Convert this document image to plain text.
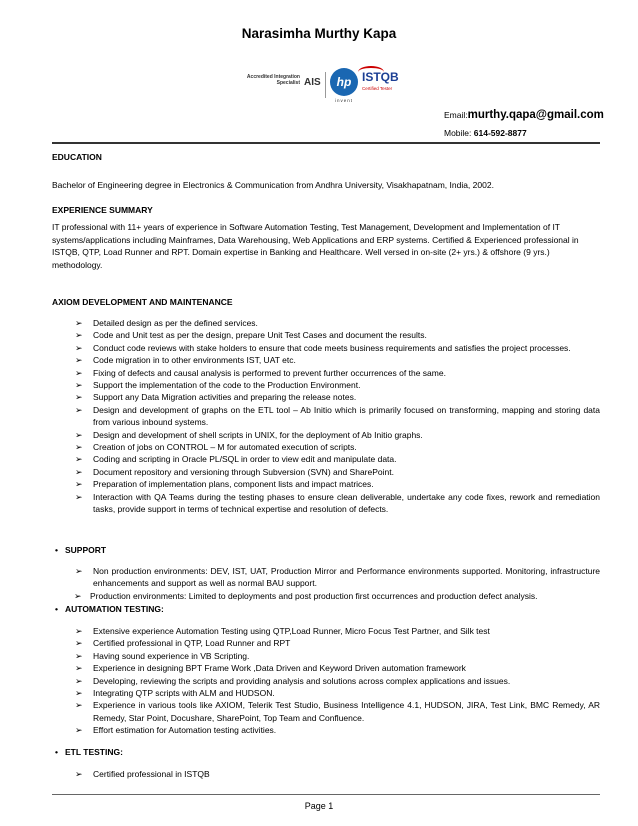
Narasimha Murthy Kapa
Accredited Integration Specialist AIS	hp
invent
ISTQB
Certified Tester
Email:murthy.qapa@gmail.com
Mobile: 614-592-8877
EDUCATION
Bachelor of Engineering degree in Electronics & Communication from Andhra University, Visakhapatnam, India, 2002.
EXPERIENCE SUMMARY
IT professional with 11+ years of experience in Software Automation Testing, Test Management, Development and Implementation of IT systems/applications including Mainframes, Data Warehousing, Web Applications and ERP systems. Certified & Experienced professional in ISTQB, QTP, Load Runner and RPT. Domain expertise in Banking and Healthcare. Well versed in on-site (2+ yrs.) & offshore (9 yrs.) methodology.
AXIOM DEVELOPMENT AND MAINTENANCE
➢ Detailed design as per the defined services.
➢ Code and Unit test as per the design, prepare Unit Test Cases and document the results.
➢ Conduct code reviews with stake holders to ensure that code meets business requirements and satisfies the project processes.
➢ Code migration in to other environments IST, UAT etc.
➢ Fixing of defects and causal analysis is performed to prevent further occurrences of the same.
➢ Support the implementation of the code to the Production Environment.
➢ Support any Data Migration activities and preparing the release notes.
➢ Design and development of graphs on the ETL tool – Ab Initio which is primarily focused on transforming, mapping and storing data from various inbound systems.
➢ Design and development of shell scripts in UNIX, for the deployment of Ab Initio graphs.
➢ Creation of jobs on CONTROL – M for automated execution of scripts.
➢ Coding and scripting in Oracle PL/SQL in order to view edit and manipulate data.
➢ Document repository and versioning through Subversion (SVN) and SharePoint.
➢ Preparation of implementation plans, component lists and impact matrices.
➢ Interaction with QA Teams during the testing phases to ensure clean deliverable, undertake any code fixes, rework and remediation tasks, provide support in terms of technical expertise and resolution of defects.
• SUPPORT
➢ Non production environments: DEV, IST, UAT, Production Mirror and Performance environments supported. Monitoring, infrastructure enhancements and support as well as normal BAU support.
➢ Production environments: Limited to deployments and post production first occurrences and production defect analysis.
• AUTOMATION TESTING:
➢ Extensive experience Automation Testing using QTP,Load Runner, Micro Focus Test Partner, and Silk test
➢ Certified professional in QTP, Load Runner and RPT
➢ Having sound experience in VB Scripting.
➢ Experience in designing BPT Frame Work ,Data Driven and Keyword Driven automation framework
➢ Developing, reviewing the scripts and providing analysis and solutions across complex applications and issues.
➢ Integrating QTP scripts with ALM and HUDSON.
➢ Experience in various tools like AXIOM, Telerik Test Studio, Business Intelligence 4.1, HUDSON, JIRA, Test Link, BMC Remedy, AR Remedy, Star Point, Docushare, SharePoint, Top Team and Confluence.
➢ Effort estimation for Automation testing activities.
• ETL TESTING:
➢ Certified professional in ISTQB
Page 1
